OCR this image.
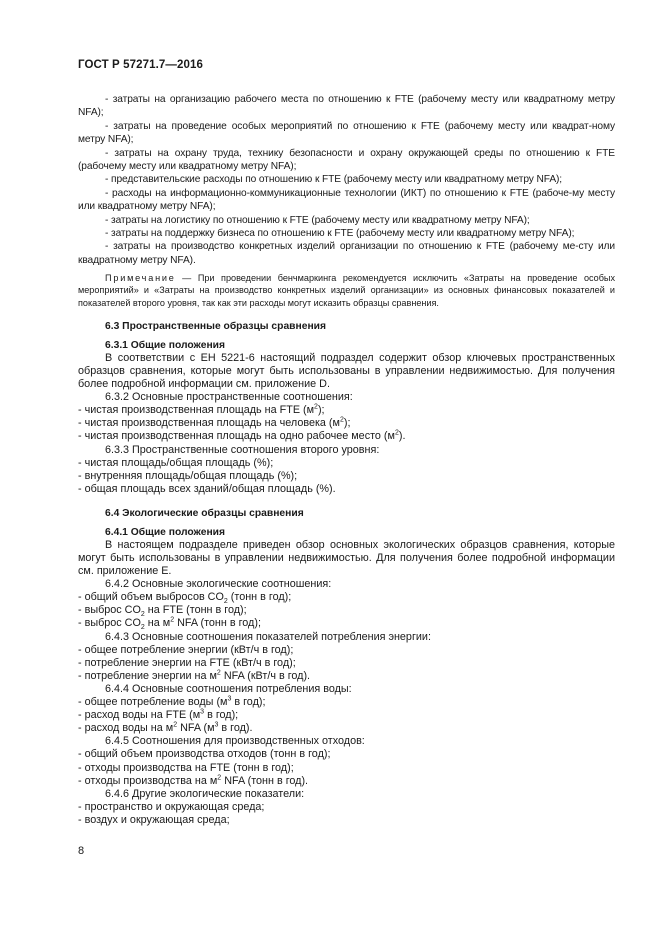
ГОСТ Р 57271.7—2016

- затраты на организацию рабочего места по отношению к FTE (рабочему месту или квадратному метру NFA);

- затраты на проведение особых мероприятий по отношению к FTE (рабочему месту или квадрат-ному метру NFA);

- затраты на охрану труда, технику безопасности и охрану окружающей среды по отношению к FTE (рабочему месту или квадратному метру NFA);

- представительские расходы по отношению к FTE (рабочему месту или квадратному метру NFA);

- расходы на информационно-коммуникационные технологии (ИКТ) по отношению к FTE (рабоче-му месту или квадратному метру NFA);

- затраты на логистику по отношению к FTE (рабочему месту или квадратному метру NFA);

- затраты на поддержку бизнеса по отношению к FTE (рабочему месту или квадратному метру NFA);

- затраты на производство конкретных изделий организации по отношению к FTE (рабочему ме-сту или квадратному метру NFA).

Примечание — При проведении бенчмаркинга рекомендуется исключить «Затраты на проведение особых мероприятий» и «Затраты на производство конкретных изделий организации» из основных финансовых показателей и показателей второго уровня, так как эти расходы могут исказить образцы сравнения.

6.3 Пространственные образцы сравнения

6.3.1 Общие положения

В соответствии с ЕН 5221-6 настоящий подраздел содержит обзор ключевых пространственных образцов сравнения, которые могут быть использованы в управлении недвижимостью. Для получения более подробной информации см. приложение D.

6.3.2 Основные пространственные соотношения:

- чистая производственная площадь на FTE $(м^2)$;

- чистая производственная площадь на человека $(м^2)$;

- чистая производственная площадь на одно рабочее место $(м^2)$.

6.3.3 Пространственные соотношения второго уровня:

- чистая площадь/общая площадь (%);

- внутренняя площадь/общая площадь (%);

- общая площадь всех зданий/общая площадь (%).

6.4 Экологические образцы сравнения

6.4.1 Общие положения

В настоящем подразделе приведен обзор основных экологических образцов сравнения, которые могут быть использованы в управлении недвижимостью. Для получения более подробной информации см. приложение E.

6.4.2 Основные экологические соотношения:

- общий объем выбросов $CO_2$ (тонн в год);

- выброс $CO_2$ на FTE (тонн в год);

- выброс $CO_2$ на $м^2$ NFA (тонн в год);

6.4.3 Основные соотношения показателей потребления энергии:

- общее потребление энергии (кВт/ч в год);

- потребление энергии на FTE (кВт/ч в год);

- потребление энергии на $м^2$ NFA (кВт/ч в год).

6.4.4 Основные соотношения потребления воды:

- общее потребление воды ($м^3$ в год);

- расход воды на FTE ($м^3$ в год);

- расход воды на $м^2$ NFA ($м^3$ в год).

6.4.5 Соотношения для производственных отходов:

- общий объем производства отходов (тонн в год);

- отходы производства на FTE (тонн в год);

- отходы производства на $м^2$ NFA (тонн в год).

6.4.6 Другие экологические показатели:

- пространство и окружающая среда;

- воздух и окружающая среда;

8
